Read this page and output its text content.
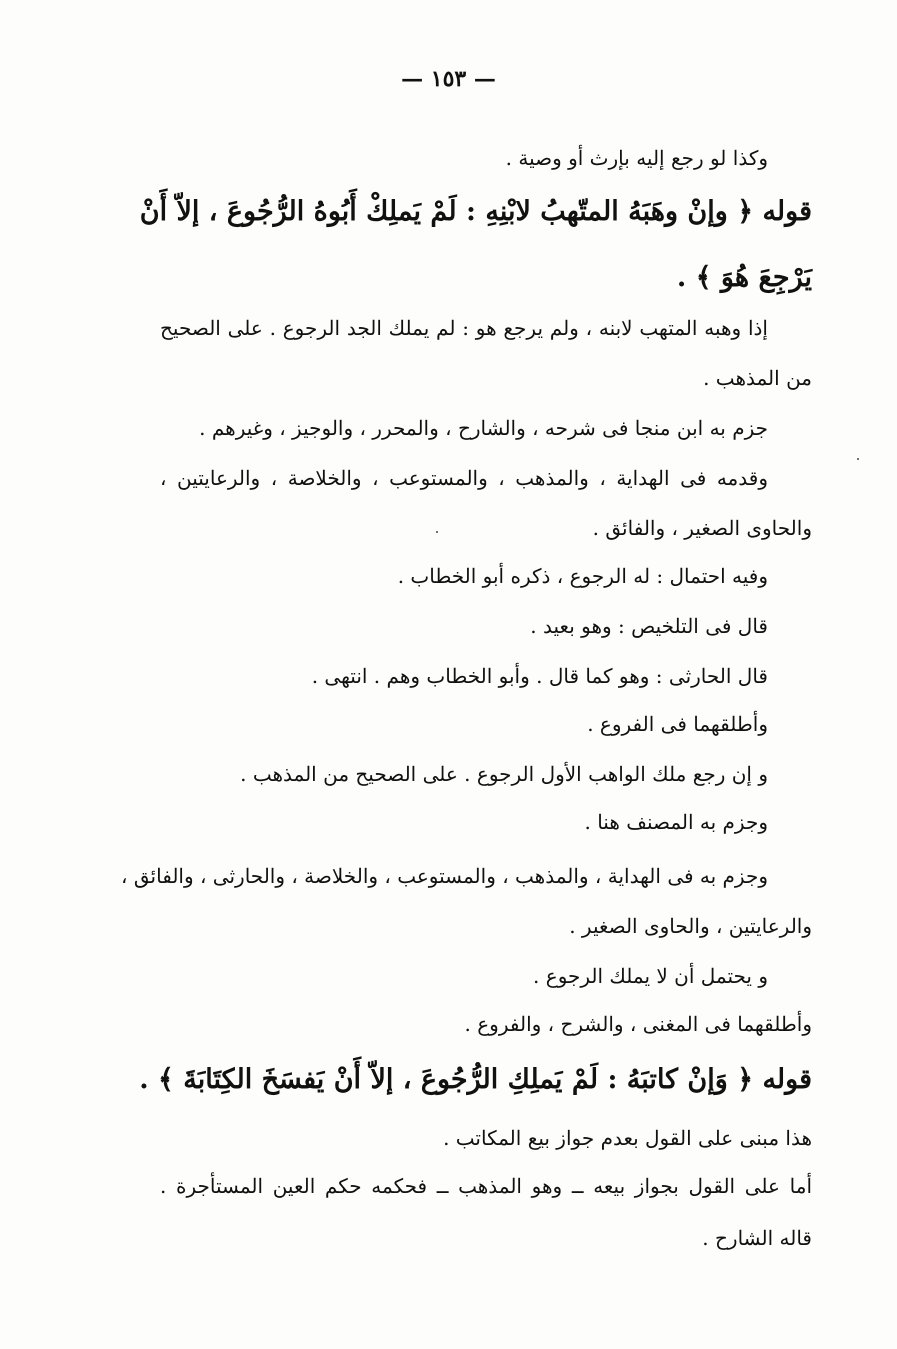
— ١٥٣ —
وكذا لو رجع إليه بإرث أو وصية .
قوله ﴿ وإنْ وهَبَهُ المتّهبُ لابْنِهِ : لَمْ يَملِكْ أَبُوهُ الرُّجُوعَ ، إلاّ أَنْ
يَرْجِعَ هُوَ ﴾ .
إذا وهبه المتهب لابنه ، ولم يرجع هو : لم يملك الجد الرجوع . على الصحيح
من المذهب .
جزم به ابن منجا فى شرحه ، والشارح ، والمحرر ، والوجيز ، وغيرهم .
وقدمه فى الهداية ، والمذهب ، والمستوعب ، والخلاصة ، والرعايتين ،
والحاوى الصغير ، والفائق .
وفيه احتمال : له الرجوع ، ذكره أبو الخطاب .
قال فى التلخيص : وهو بعيد .
قال الحارثى : وهو كما قال . وأبو الخطاب وهم . انتهى .
وأطلقهما فى الفروع .
و إن رجع ملك الواهب الأول الرجوع . على الصحيح من المذهب .
وجزم به المصنف هنا .
وجزم به فى الهداية ، والمذهب ، والمستوعب ، والخلاصة ، والحارثى ، والفائق ،
والرعايتين ، والحاوى الصغير .
و يحتمل أن لا يملك الرجوع .
وأطلقهما فى المغنى ، والشرح ، والفروع .
قوله ﴿ وَإنْ كاتبَهُ : لَمْ يَملِكِ الرُّجُوعَ ، إلاّ أَنْ يَفسَخَ الكِتَابَةَ ﴾ .
هذا مبنى على القول بعدم جواز بيع المكاتب .
أما على القول بجواز بيعه ــ وهو المذهب ــ فحكمه حكم العين المستأجرة .
قاله الشارح .
